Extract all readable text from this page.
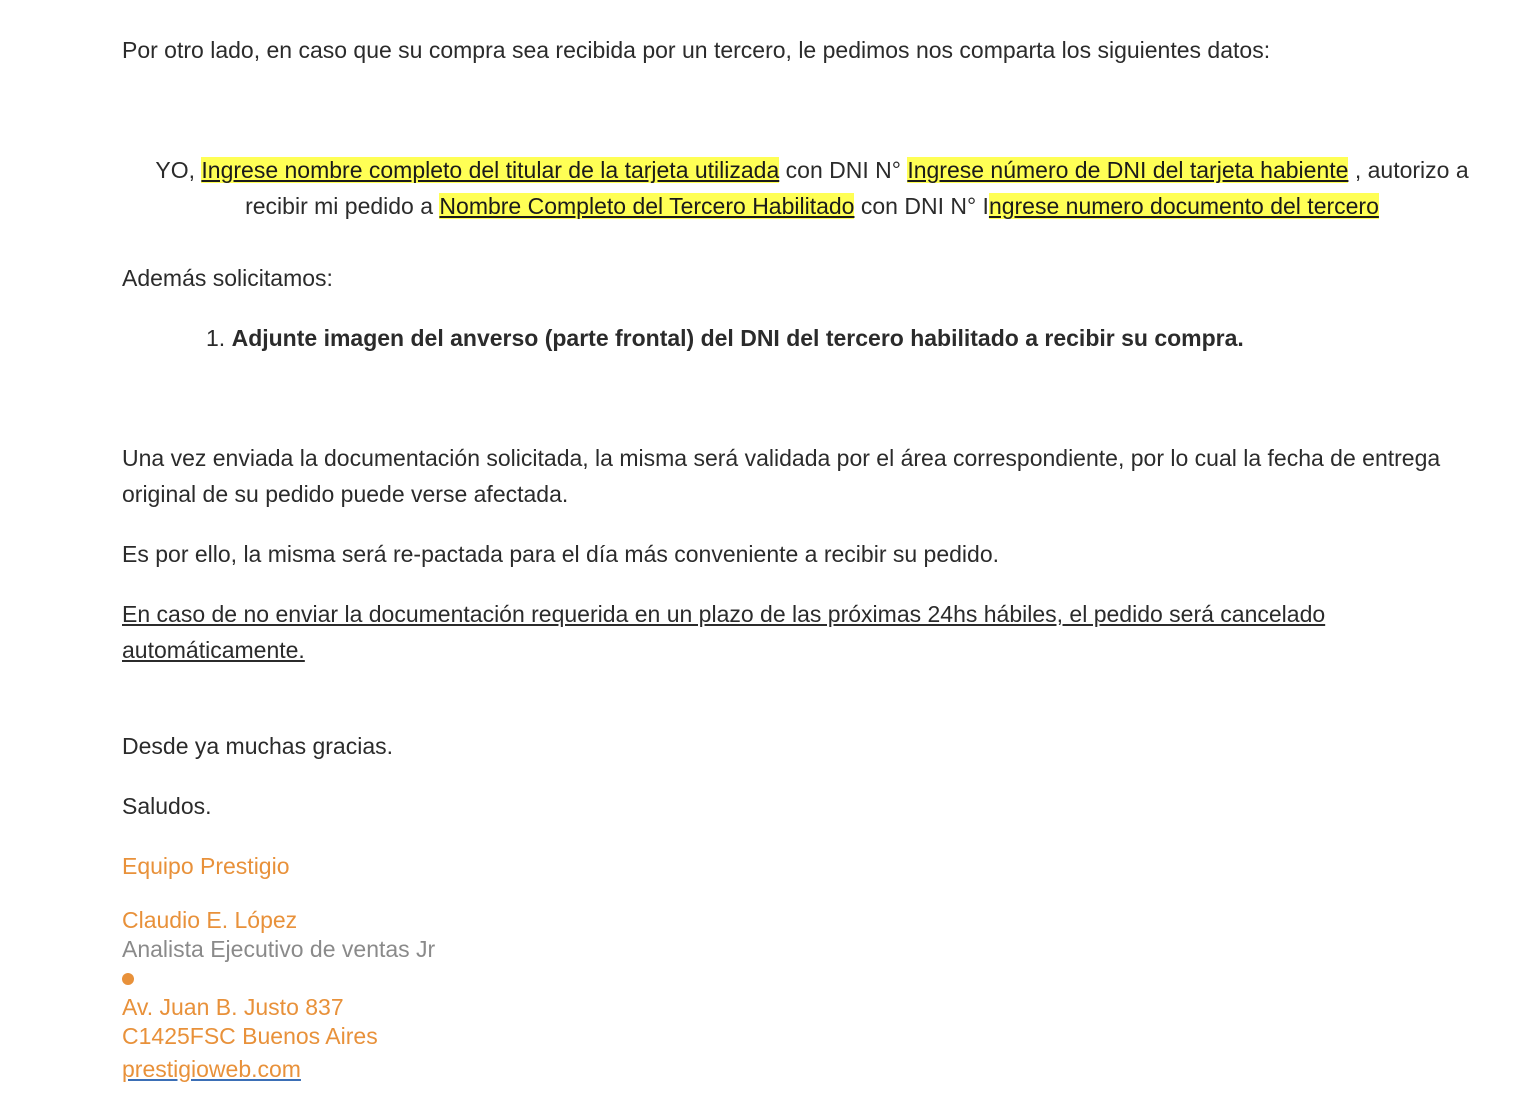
Por otro lado, en caso que su compra sea recibida por un tercero, le pedimos nos comparta los siguientes datos:

YO, Ingrese nombre completo del titular de la tarjeta utilizada con DNI N° Ingrese número de DNI del tarjeta habiente , autorizo a
recibir mi pedido a Nombre Completo del Tercero Habilitado con DNI N° Ingrese numero documento del tercero

Además solicitamos:

1. Adjunte imagen del anverso (parte frontal) del DNI del tercero habilitado a recibir su compra.

Una vez enviada la documentación solicitada, la misma será validada por el área correspondiente, por lo cual la fecha de entrega
original de su pedido puede verse afectada.

Es por ello, la misma será re-pactada para el día más conveniente a recibir su pedido.

En caso de no enviar la documentación requerida en un plazo de las próximas 24hs hábiles, el pedido será cancelado
automáticamente.

Desde ya muchas gracias.

Saludos.

Equipo Prestigio

Claudio E. López
Analista Ejecutivo de ventas Jr
Av. Juan B. Justo 837
C1425FSC Buenos Aires
prestigioweb.com
